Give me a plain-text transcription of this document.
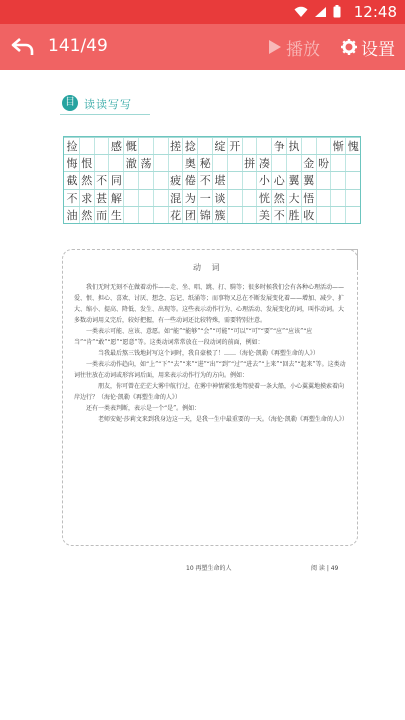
12:48
141/49	播放 设置
目 读读写写
捡	感 慨	搓 捻	绽 开	争 执	惭 愧
悔 恨	澈 荡	奥 秘	拼 凑	金 吩
截 然 不 同	疲 倦 不 堪	小 心 翼 翼
不 求 甚 解	混 为 一 谈	恍 然 大 悟
油 然 而 生	花 团 锦 簇	美 不 胜 收
动 词

我们无时无刻不在做着动作——走、坐、唱、跳、打、騎等；很多时候我们会有各种心理活动——爱、恨、担心、喜欢、讨厌、想念、忘记、纸涌等；而事物又总在不断发展变化着——增加、减少、扩大、缩小、提高、降低、发生、出现等。这些表示动作行为、心理活动、发展变化的词，叫作动词。大多数动词用义完后，较好把握，有一些动词还比较特殊，需要特别注意。

一类表示可能、应该、意愿。如“能”“能够”“会”“可能”“可以”“可”“要”“应”“应该”“应当”“肯”“敢”“愿”“愿意”等。这类动词常常放在一段动词的前面，例如：

当我最后熬三钱地封写这个词时，我自豪极了！……（海伦·凯勒《再塑生命的人》）

一类表示动作趋向，如“上”“下”“去”“来”“进”“出”“到”“过”“进去”“上来”“回去”“起来”等。这类动词往往放在动词或形容词后面，用来表示动作行为的方向。例如：

朋友，你可曾在茫茫大雾中航行过，在雾中神情紧张地驾驶着一条大船，小心翼翼地摸索着向岸边行？（海伦·凯勒《再塑生命的人》）

还有一类表判断，表示是一个“是”。例如：

老师安妮·莎莉文来到我身边这一天，是我一生中最重要的一天。（海伦·凯勒《再塑生命的人》）

10 再塑生命的人	阅 读 | 49
